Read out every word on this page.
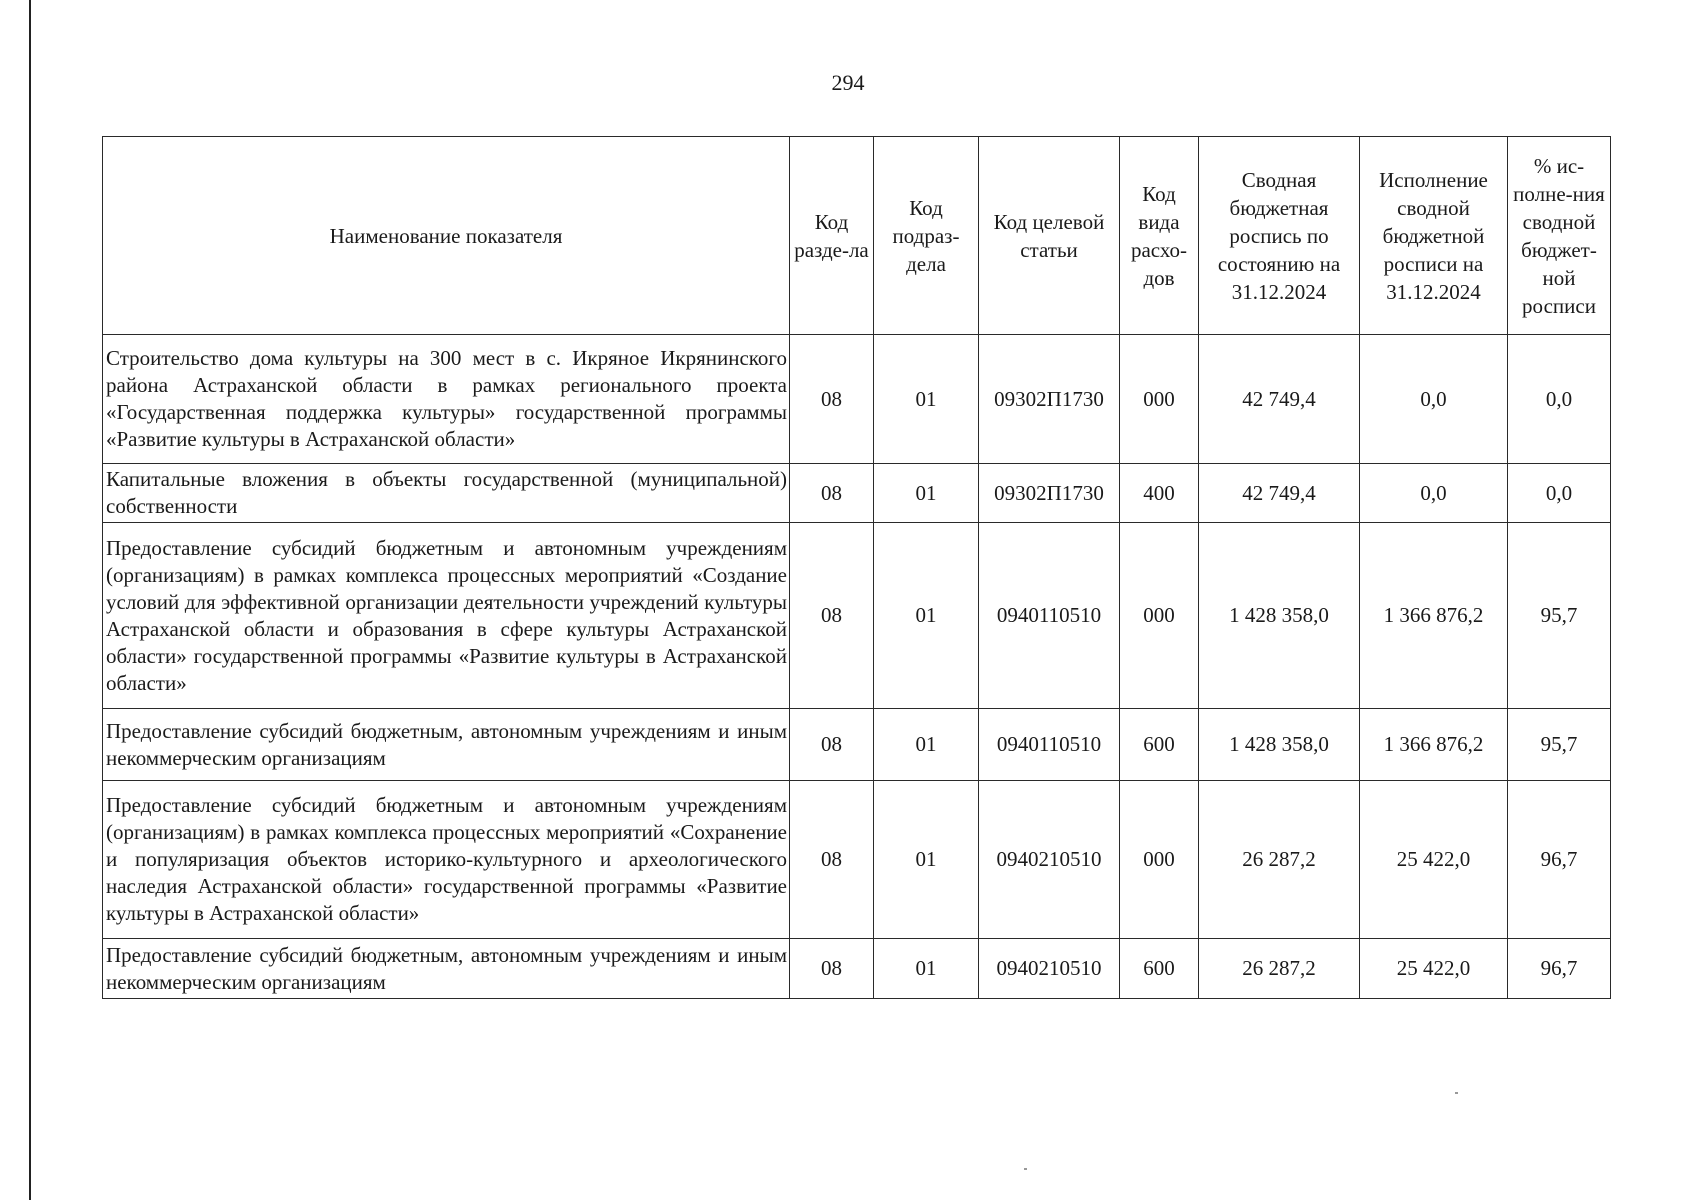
294
Наименование показателя	Код разде-ла	Код подраз-дела	Код целевой статьи	Код вида расхо-дов	Сводная бюджетная роспись по состоянию на 31.12.2024	Исполнение сводной бюджетной росписи на 31.12.2024	% ис-полне-ния сводной бюджет-ной росписи
Строительство дома культуры на 300 мест в с. Икряное Икрянинского района Астраханской области в рамках регионального проекта «Государственная поддержка культуры» государственной программы «Развитие культуры в Астраханской области»	08	01	09302П1730	000	42 749,4	0,0	0,0
Капитальные вложения в объекты государственной (муниципальной) собственности	08	01	09302П1730	400	42 749,4	0,0	0,0
Предоставление субсидий бюджетным и автономным учреждениям (организациям) в рамках комплекса процессных мероприятий «Создание условий для эффективной организации деятельности учреждений культуры Астраханской области и образования в сфере культуры Астраханской области» государственной программы «Развитие культуры в Астраханской области»	08	01	0940110510	000	1 428 358,0	1 366 876,2	95,7
Предоставление субсидий бюджетным, автономным учреждениям и иным некоммерческим организациям	08	01	0940110510	600	1 428 358,0	1 366 876,2	95,7
Предоставление субсидий бюджетным и автономным учреждениям (организациям) в рамках комплекса процессных мероприятий «Сохранение и популяризация объектов историко-культурного и археологического наследия Астраханской области» государственной программы «Развитие культуры в Астраханской области»	08	01	0940210510	000	26 287,2	25 422,0	96,7
Предоставление субсидий бюджетным, автономным учреждениям и иным некоммерческим организациям	08	01	0940210510	600	26 287,2	25 422,0	96,7
